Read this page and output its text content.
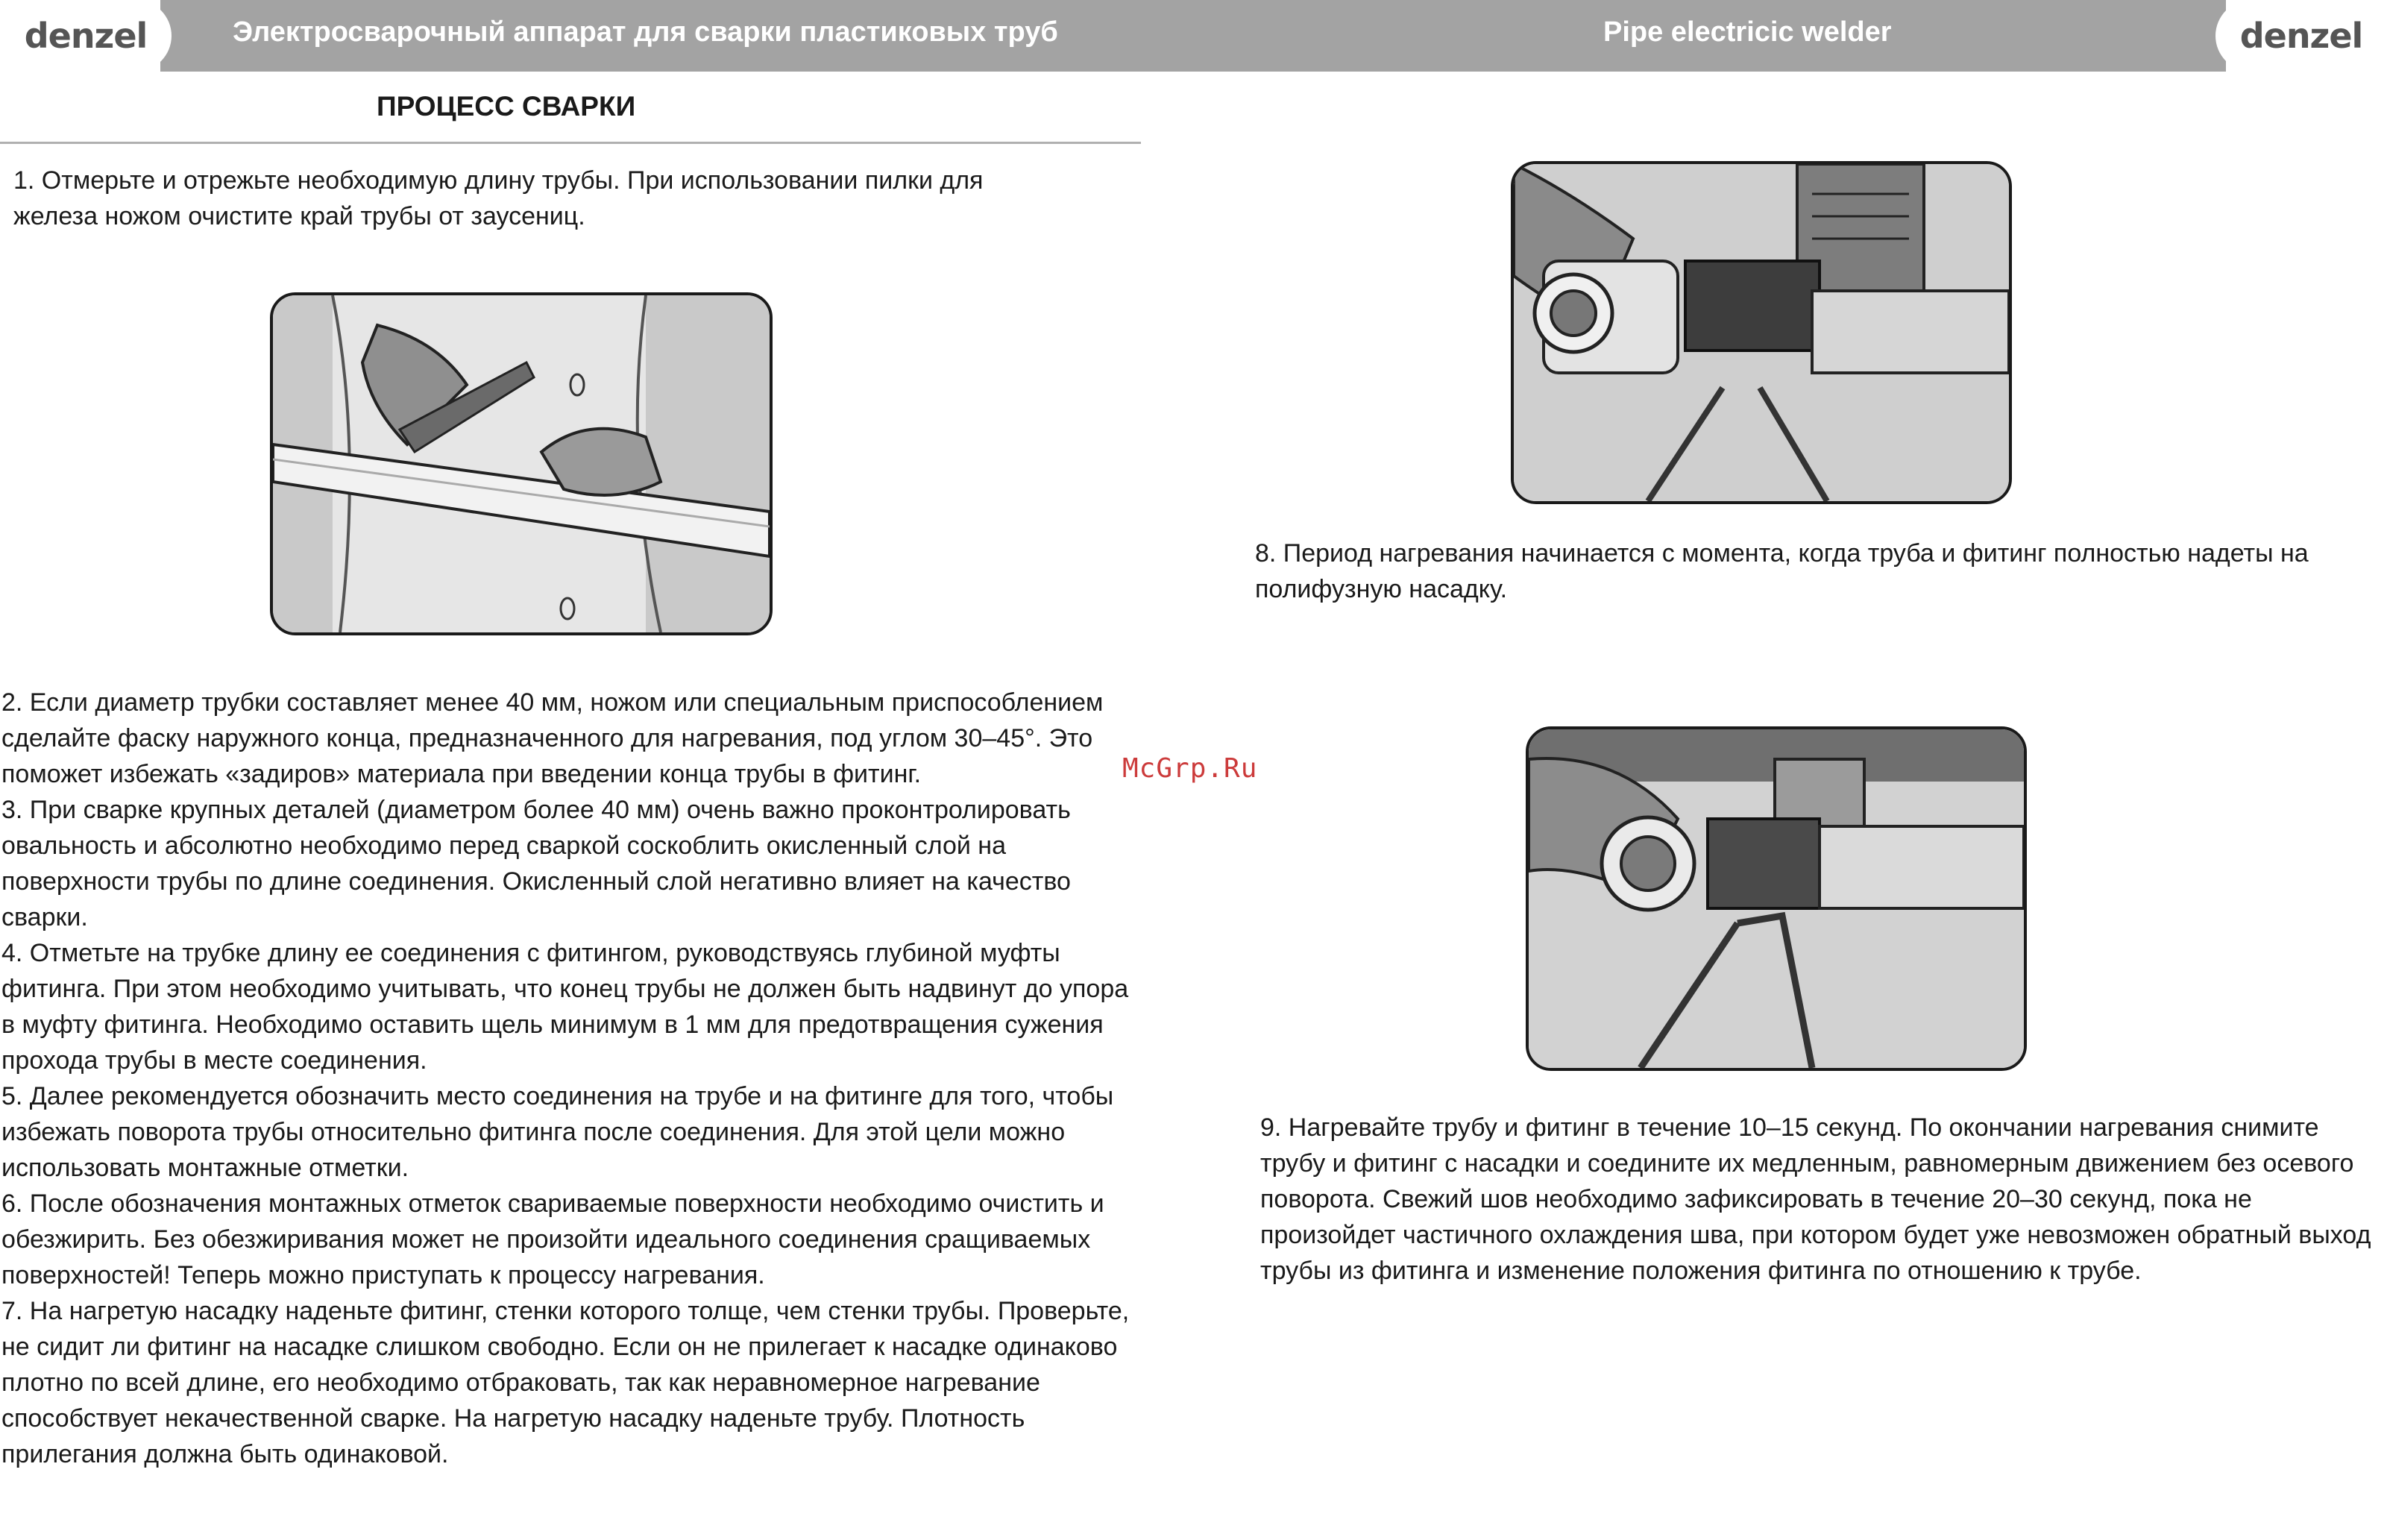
denzel	denzel
Электросварочный аппарат для сварки пластиковых труб	Pipe electricic welder
ПРОЦЕСС СВАРКИ

1. Отмерьте и отрежьте необходимую длину трубы. При использовании пилки для железа ножом очистите край трубы от заусениц.

2. Если диаметр трубки составляет менее 40 мм, ножом или специальным приспособлением сделайте фаску наружного конца, предназначенного для нагревания, под углом 30–45°. Это поможет избежать «задиров» материала при введении конца трубы в фитинг.
3. При сварке крупных деталей (диаметром более 40 мм) очень важно проконтролировать овальность и абсолютно необходимо перед сваркой соскоблить окисленный слой на поверхности трубы по длине соединения. Окисленный слой негативно влияет на качество сварки.
4. Отметьте на трубке длину ее соединения с фитингом, руководствуясь глубиной муфты фитинга. При этом необходимо учитывать, что конец трубы не должен быть надвинут до упора в муфту фитинга. Необходимо оставить щель минимум в 1 мм для предотвращения сужения прохода трубы в месте соединения.
5. Далее рекомендуется обозначить место соединения на трубе и на фитинге для того, чтобы избежать поворота трубы относительно фитинга после соединения. Для этой цели можно использовать монтажные отметки.
6. После обозначения монтажных отметок свариваемые поверхности необходимо очистить и обезжирить. Без обезжиривания может не произойти идеального соединения сращиваемых поверхностей! Теперь можно приступать к процессу нагревания.
7. На нагретую насадку наденьте фитинг, стенки которого толще, чем стенки трубы. Проверьте, не сидит ли фитинг на насадке слишком свободно. Если он не прилегает к насадке одинаково плотно по всей длине, его необходимо отбраковать, так как неравномерное нагревание способствует некачественной сварке. На нагретую насадку наденьте трубу. Плотность прилегания должна быть одинаковой.

McGrp.Ru

8. Период нагревания начинается с момента, когда труба и фитинг полностью надеты на полифузную насадку.

9. Нагревайте трубу и фитинг в течение 10–15 секунд. По окончании нагревания снимите трубу и фитинг с насадки и соедините их медленным, равномерным движением без осевого поворота. Свежий шов необходимо зафиксировать в течение 20–30 секунд, пока не произойдет частичного охлаждения шва, при котором будет уже невозможен обратный выход трубы из фитинга и изменение положения фитинга по отношению к трубе.
